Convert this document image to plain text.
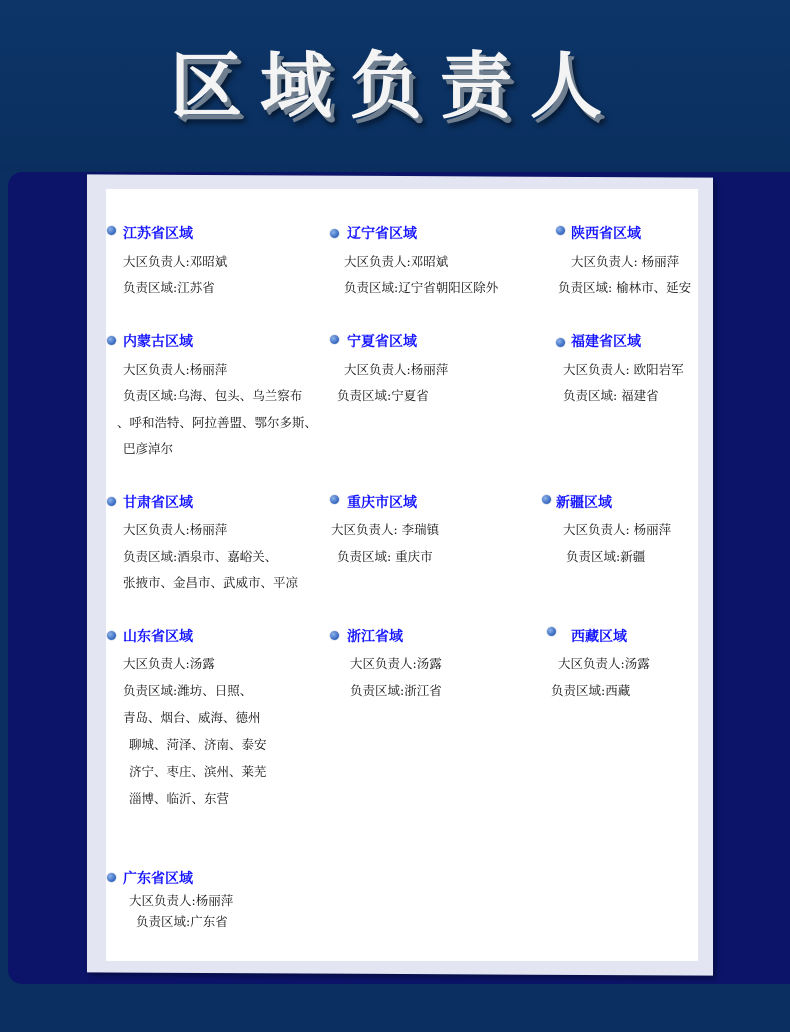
区域负责人
江苏省区域
大区负责人:邓昭斌
负责区域:江苏省
辽宁省区域
大区负责人:邓昭斌
负责区域:辽宁省朝阳区除外
陕西省区域
大区负责人: 杨丽萍
负责区域: 榆林市、延安
内蒙古区域
大区负责人:杨丽萍
负责区域:乌海、包头、乌兰察布
、呼和浩特、阿拉善盟、鄂尔多斯、
巴彦淖尔
宁夏省区域
大区负责人:杨丽萍
负责区域:宁夏省
福建省区域
大区负责人: 欧阳岩军
负责区域: 福建省
甘肃省区域
大区负责人:杨丽萍
负责区域:酒泉市、嘉峪关、
张掖市、金昌市、武威市、平凉
重庆市区域
大区负责人: 李瑞镇
负责区域: 重庆市
新疆区域
大区负责人: 杨丽萍
负责区域:新疆
山东省区域
大区负责人:汤露
负责区域:潍坊、日照、
青岛、烟台、威海、德州
聊城、菏泽、济南、泰安
济宁、枣庄、滨州、莱芜
淄博、临沂、东营
浙江省域
大区负责人:汤露
负责区域:浙江省
西藏区域
大区负责人:汤露
负责区域:西藏
广东省区域
大区负责人:杨丽萍
负责区域:广东省
